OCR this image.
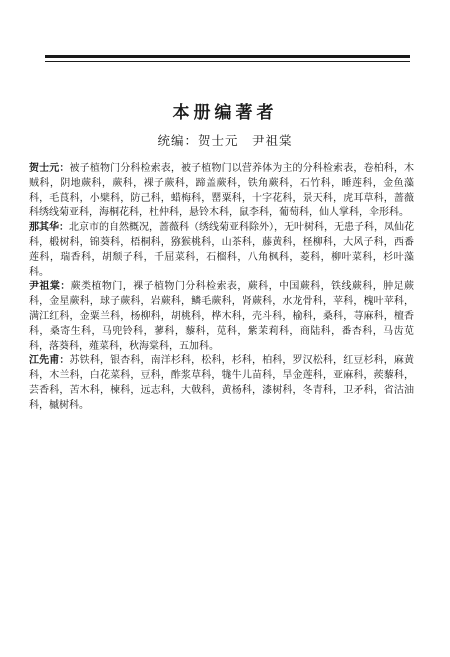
本册编著者
统编：贺士元　尹祖棠
贺士元：被子植物门分科检索表，被子植物门以营养体为主的分科检索表，卷柏科，木贼科，阴地蕨科，蕨科，裸子蕨科，蹄盖蕨科，铁角蕨科，石竹科，睡莲科，金鱼藻科，毛茛科，小檗科，防己科，蜡梅科，罂粟科，十字花科，景天科，虎耳草科，蔷薇科绣线菊亚科，海桐花科，杜仲科，悬铃木科，鼠李科，葡萄科，仙人掌科，伞形科。
那其华：北京市的自然概况，蔷薇科（绣线菊亚科除外），无叶树科，无患子科，凤仙花科，椴树科，锦葵科，梧桐科，猕猴桃科，山茶科，藤黄科，柽柳科，大风子科，西番莲科，瑞香科，胡颓子科，千屈菜科，石榴科，八角枫科，菱科，柳叶菜科，杉叶藻科。
尹祖棠：蕨类植物门，裸子植物门分科检索表，蕨科，中国蕨科，铁线蕨科，肿足蕨科，金星蕨科，球子蕨科，岩蕨科，鳞毛蕨科，肾蕨科，水龙骨科，苹科，槐叶苹科，满江红科，金粟兰科，杨柳科，胡桃科，桦木科，壳斗科，榆科，桑科，荨麻科，檀香科，桑寄生科，马兜铃科，蓼科，藜科，苋科，紫茉莉科，商陆科，番杏科，马齿苋科，落葵科，薤菜科，秋海棠科，五加科。
江先甫：苏铁科，银杏科，南洋杉科，松科，杉科，柏科，罗汉松科，红豆杉科，麻黄科，木兰科，白花菜科，豆科，酢浆草科，牻牛儿苗科，旱金莲科，亚麻科，蒺藜科，芸香科，苦木科，楝科，远志科，大戟科，黄杨科，漆树科，冬青科，卫矛科，省沽油科，槭树科。
